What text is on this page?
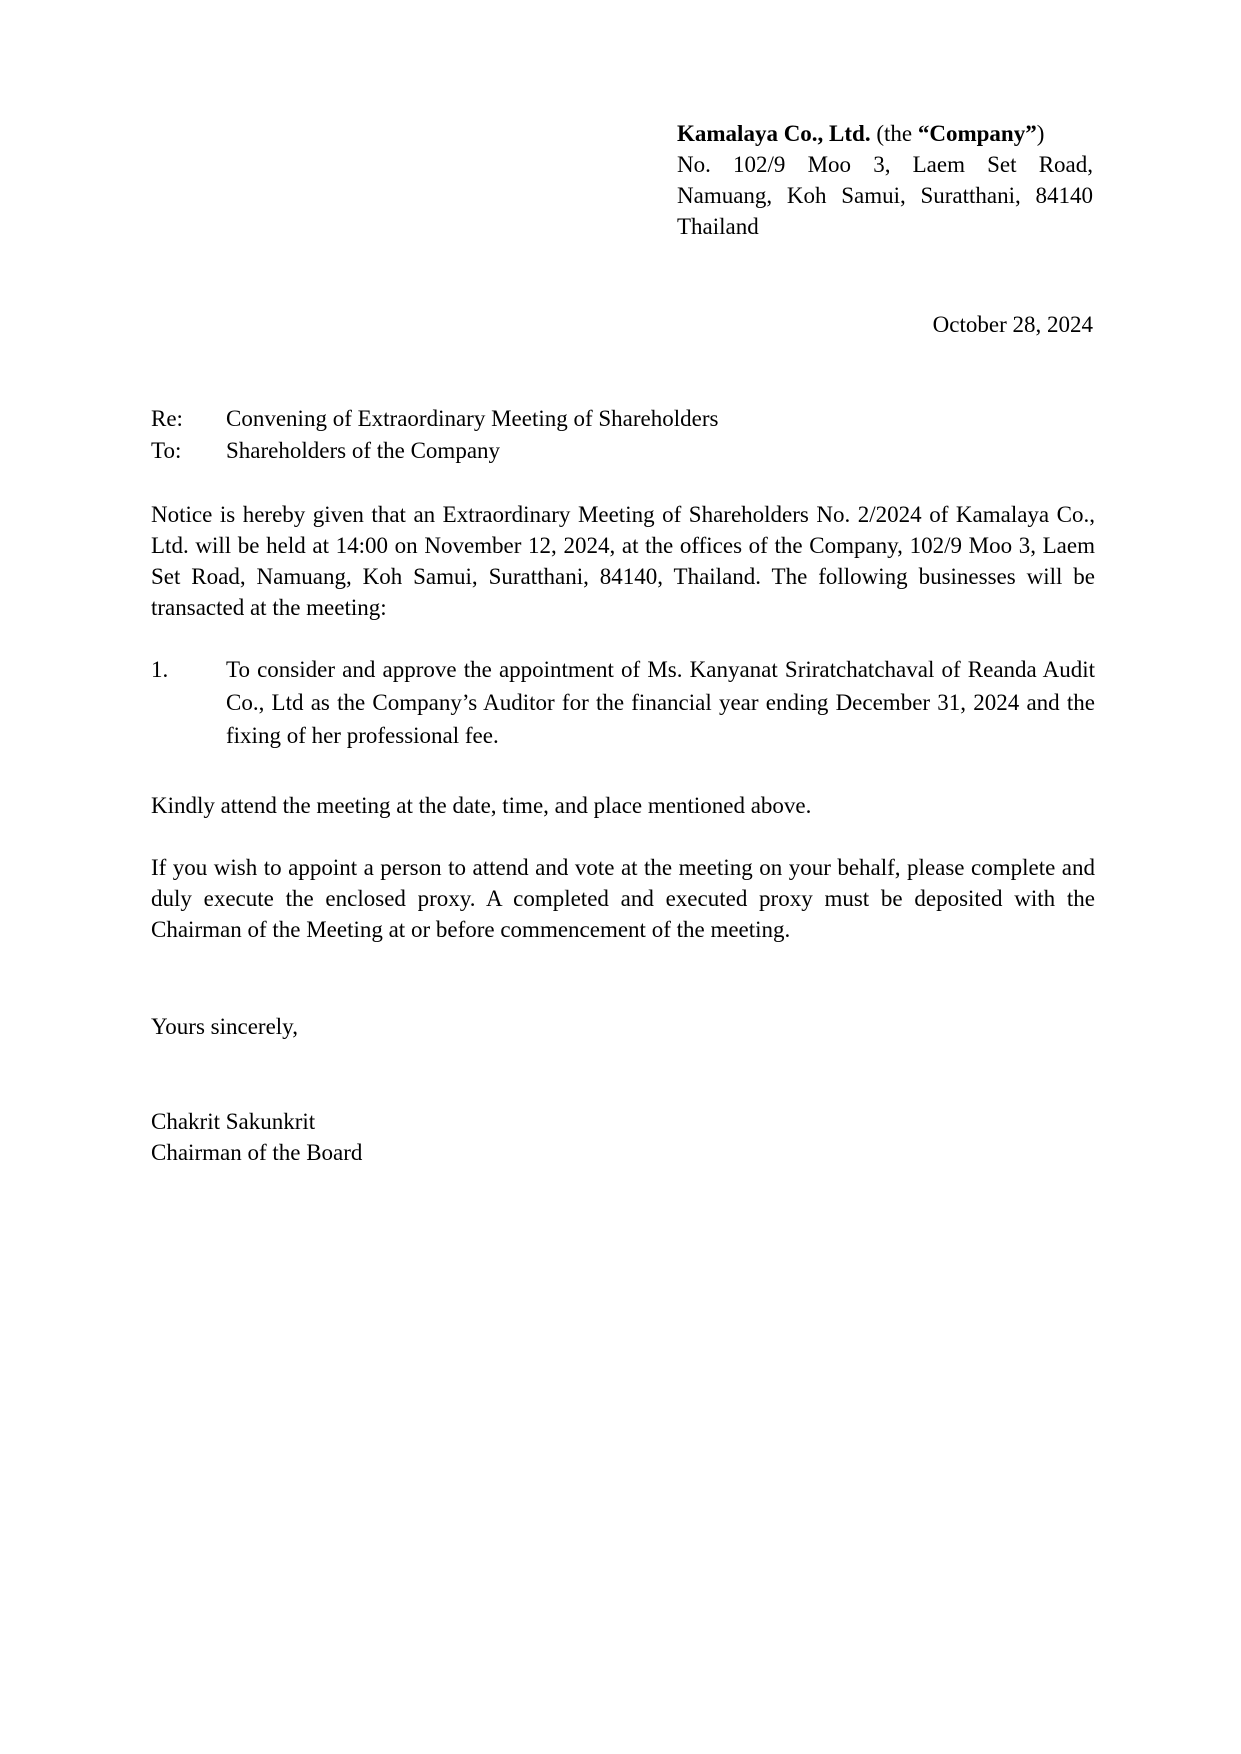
Kamalaya Co., Ltd. (the “Company”)
No. 102/9 Moo 3, Laem Set Road,
Namuang, Koh Samui, Suratthani, 84140
Thailand
October 28, 2024
Re:	Convening of Extraordinary Meeting of Shareholders
To:	Shareholders of the Company

Notice is hereby given that an Extraordinary Meeting of Shareholders No. 2/2024 of Kamalaya Co., Ltd. will be held at 14:00 on November 12, 2024, at the offices of the Company, 102/9 Moo 3, Laem Set Road, Namuang, Koh Samui, Suratthani, 84140, Thailand. The following businesses will be transacted at the meeting:

1.	To consider and approve the appointment of Ms. Kanyanat Sriratchatchaval of Reanda Audit Co., Ltd as the Company’s Auditor for the financial year ending December 31, 2024 and the fixing of her professional fee.

Kindly attend the meeting at the date, time, and place mentioned above.

If you wish to appoint a person to attend and vote at the meeting on your behalf, please complete and duly execute the enclosed proxy. A completed and executed proxy must be deposited with the Chairman of the Meeting at or before commencement of the meeting.

Yours sincerely,
Chakrit Sakunkrit
Chairman of the Board
